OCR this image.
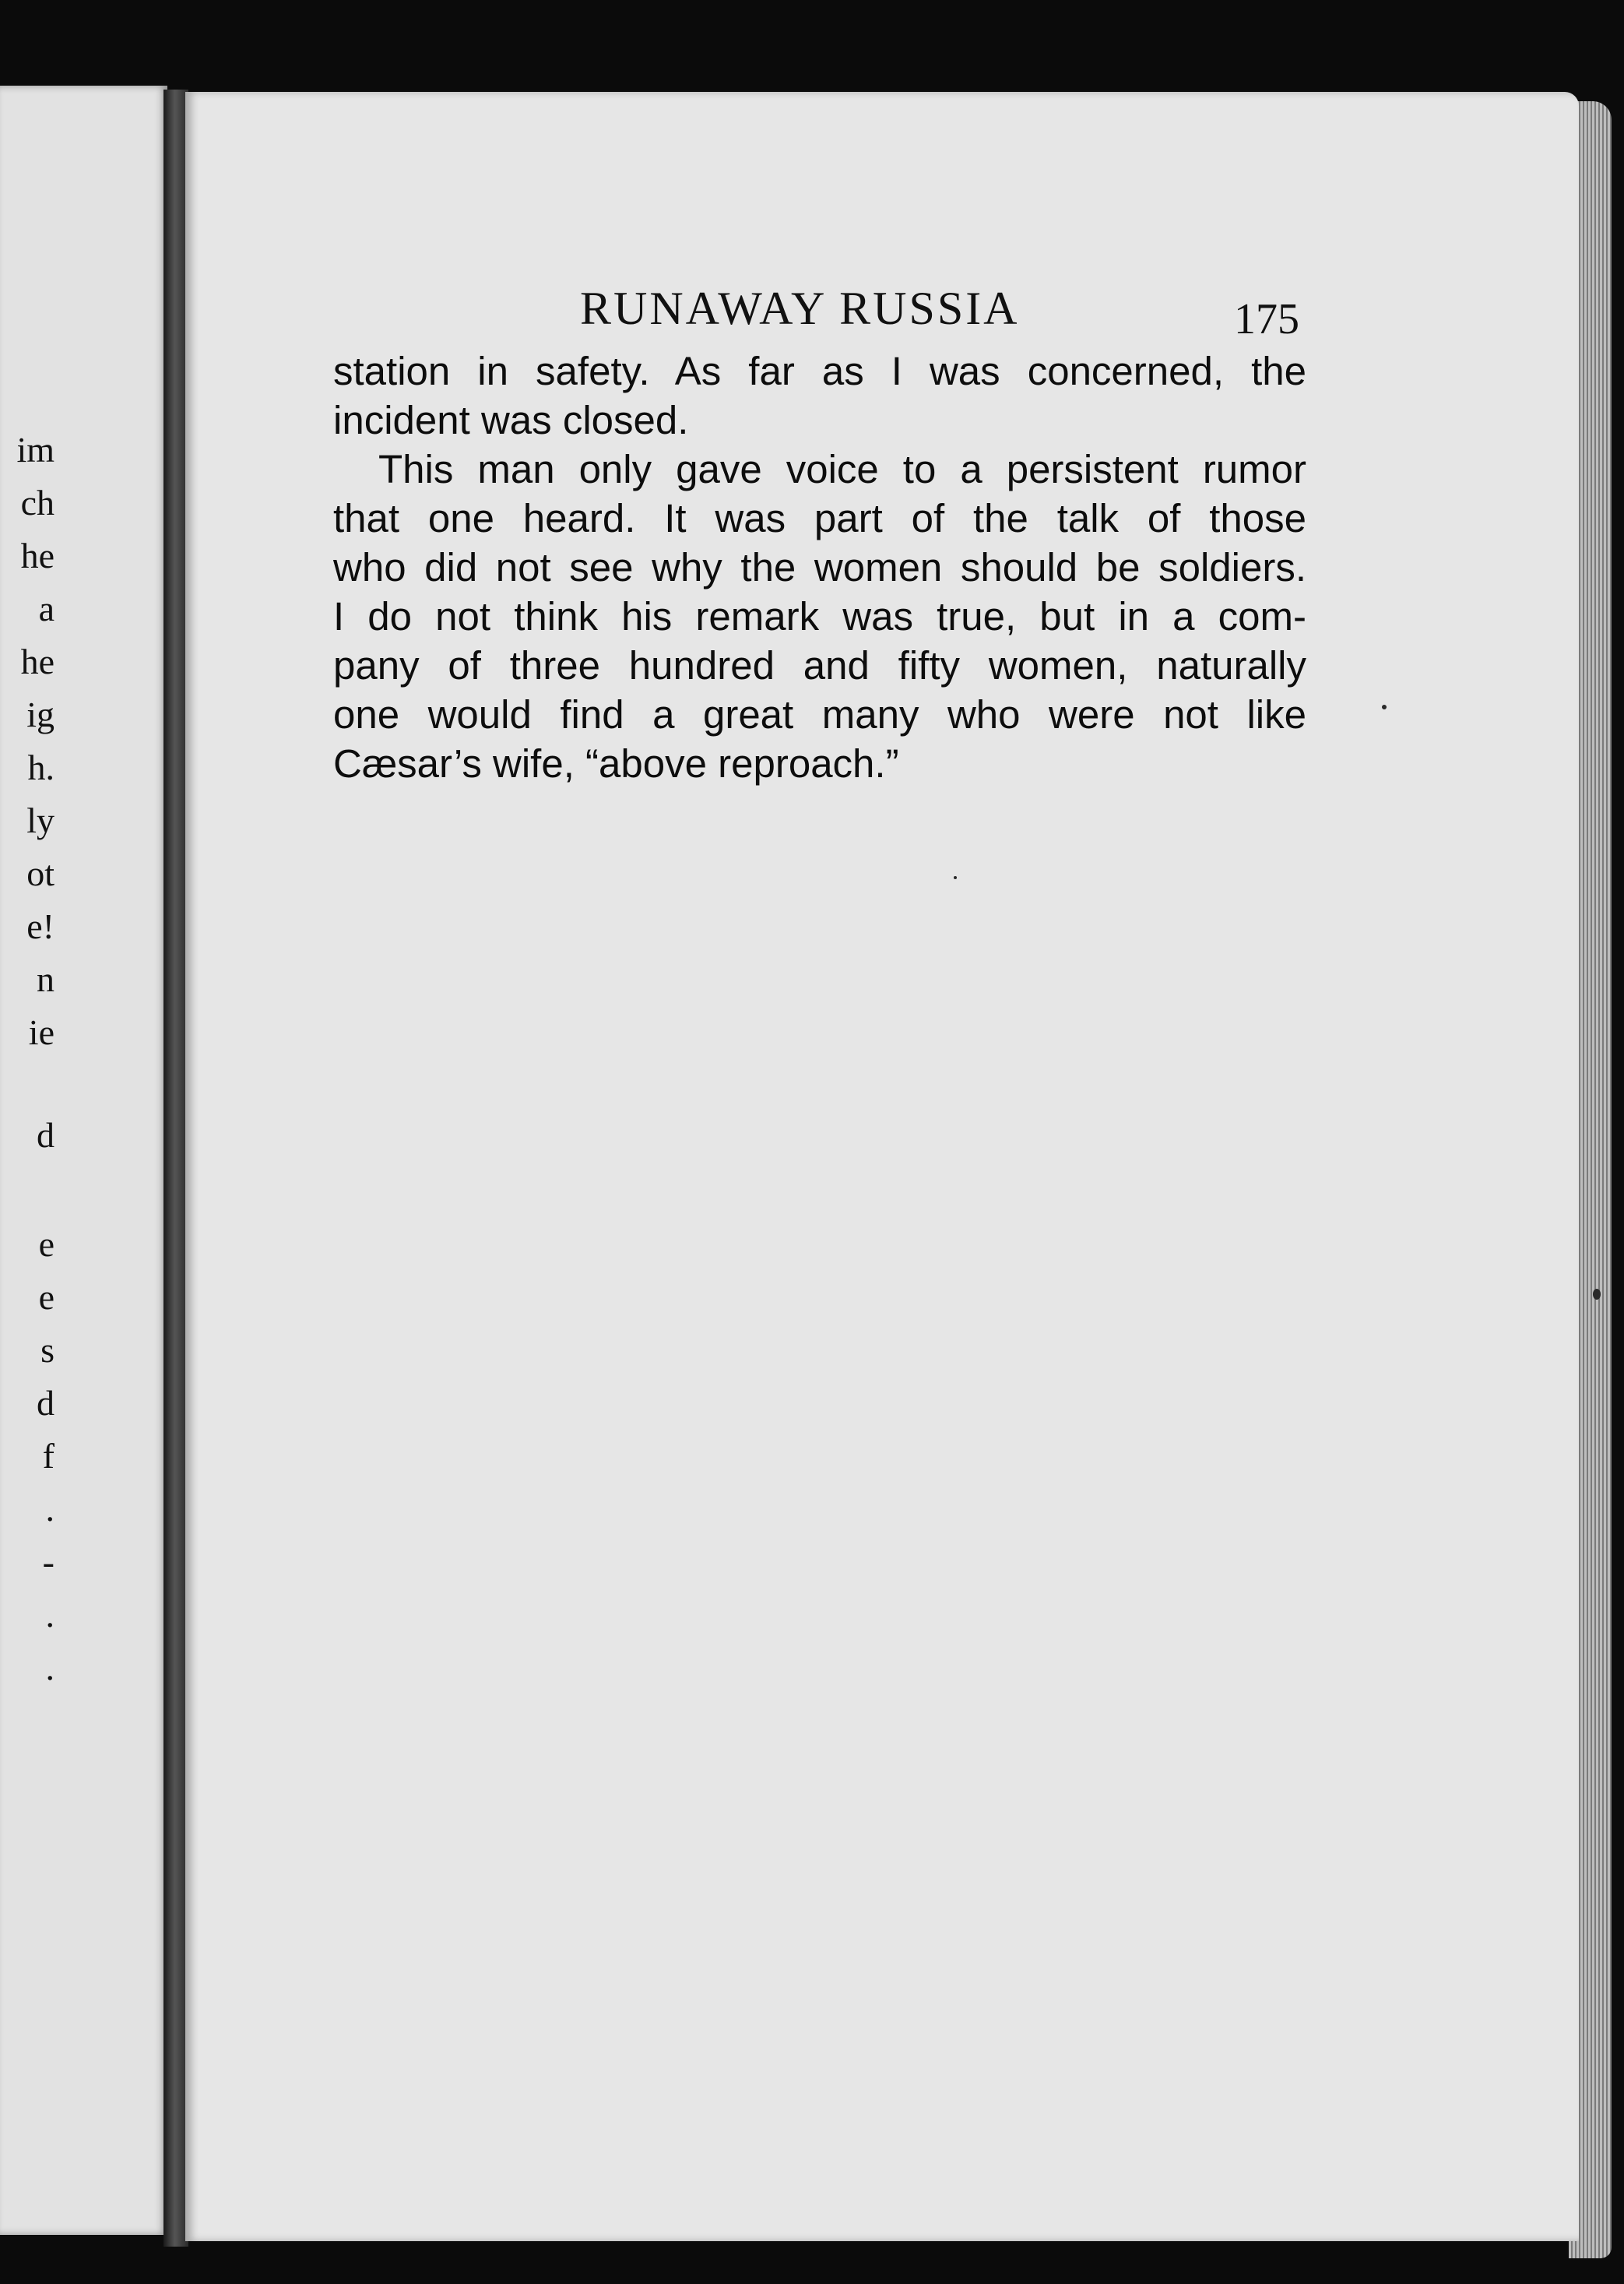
im
ch
he
a
he
ig
h.
ly
ot
e!
n
ie
d
e
e
s
d
f
.
-
.
.
RUNAWAY RUSSIA	175
station in safety. As far as I was concerned, the
incident was closed.
This man only gave voice to a persistent rumor
that one heard. It was part of the talk of those
who did not see why the women should be soldiers.
I do not think his remark was true, but in a com-
pany of three hundred and fifty women, naturally
one would find a great many who were not like
Cæsar’s wife, “above reproach.”
